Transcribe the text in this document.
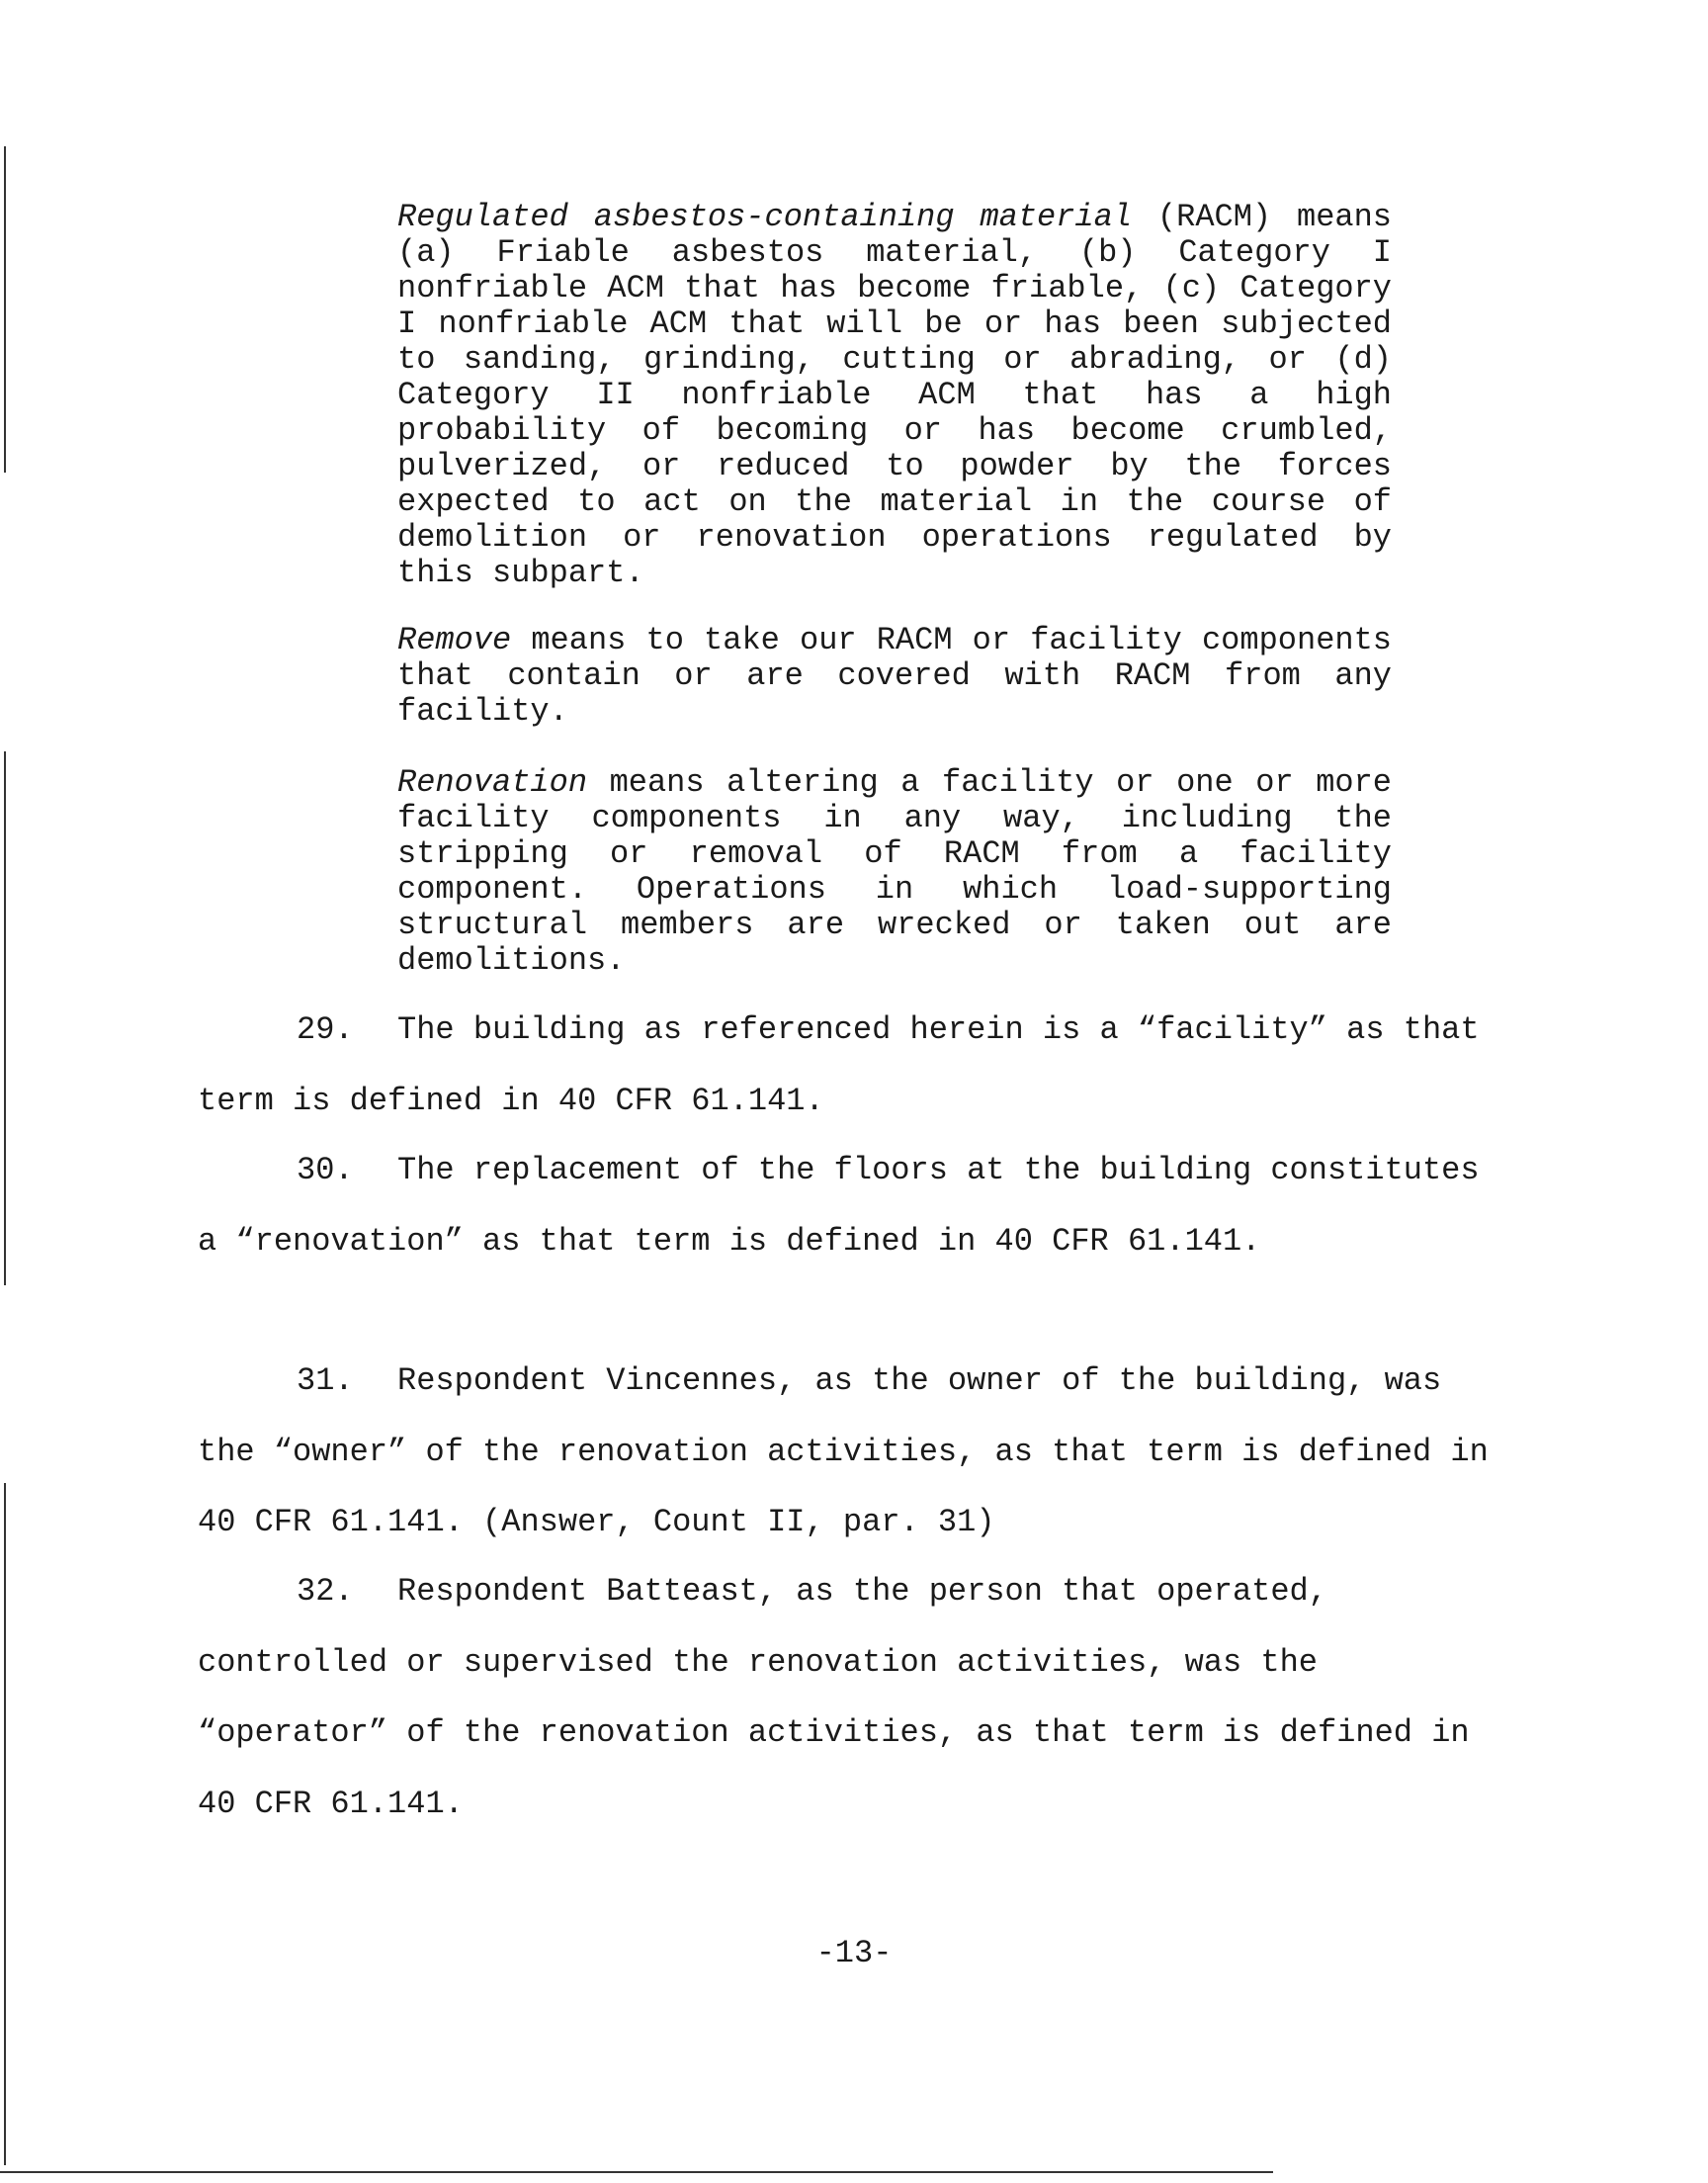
Regulated asbestos-containing material (RACM) means (a) Friable asbestos material, (b) Category I nonfriable ACM that has become friable, (c) Category I nonfriable ACM that will be or has been subjected to sanding, grinding, cutting or abrading, or (d) Category II nonfriable ACM that has a high probability of becoming or has become crumbled, pulverized, or reduced to powder by the forces expected to act on the material in the course of demolition or renovation operations regulated by this subpart.

Remove means to take our RACM or facility components that contain or are covered with RACM from any facility.

Renovation means altering a facility or one or more facility components in any way, including the stripping or removal of RACM from a facility component. Operations in which load-supporting structural members are wrecked or taken out are demolitions.

29. The building as referenced herein is a “facility” as that term is defined in 40 CFR 61.141.

30. The replacement of the floors at the building constitutes a “renovation” as that term is defined in 40 CFR 61.141.

31. Respondent Vincennes, as the owner of the building, was the “owner” of the renovation activities, as that term is defined in 40 CFR 61.141. (Answer, Count II, par. 31)

32. Respondent Batteast, as the person that operated, controlled or supervised the renovation activities, was the “operator” of the renovation activities, as that term is defined in 40 CFR 61.141.

-13-
